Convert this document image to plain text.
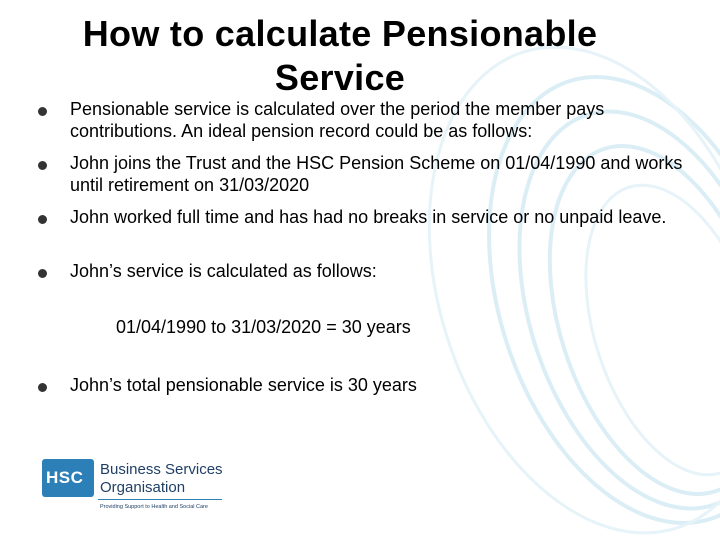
How to calculate Pensionable Service
Pensionable service is calculated over the period the member pays contributions. An ideal pension record could be as follows:
John joins the Trust and the HSC Pension Scheme on 01/04/1990 and works until retirement on 31/03/2020
John worked full time and has had no breaks in service or no unpaid leave.
John’s service is calculated as follows:
John’s total pensionable service is 30 years
01/04/1990 to 31/03/2020 = 30 years
HSC Business Services
Organisation
Providing Support to Health and Social Care
